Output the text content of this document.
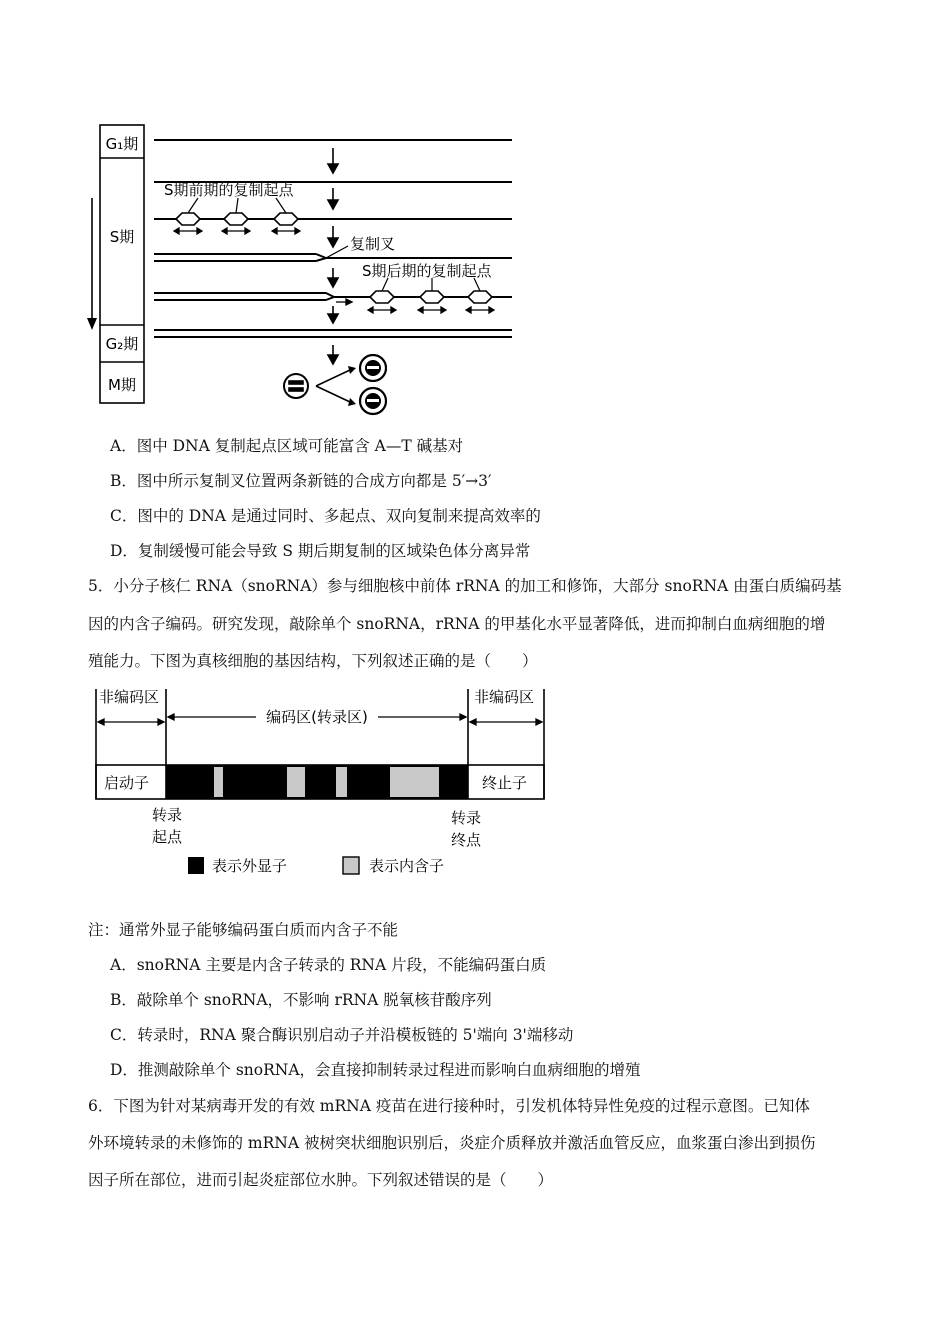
G₁期
S期
G₂期
M期
S期前期的复制起点
复制叉
S期后期的复制起点
A．图中 DNA 复制起点区域可能富含 A—T 碱基对
B．图中所示复制叉位置两条新链的合成方向都是 5′→3′
C．图中的 DNA 是通过同时、多起点、双向复制来提高效率的
D．复制缓慢可能会导致 S 期后期复制的区域染色体分离异常
5．小分子核仁 RNA（snoRNA）参与细胞核中前体 rRNA 的加工和修饰，大部分 snoRNA 由蛋白质编码基
因的内含子编码。研究发现，敲除单个 snoRNA，rRNA 的甲基化水平显著降低，进而抑制白血病细胞的增
殖能力。下图为真核细胞的基因结构，下列叙述正确的是（　　）
非编码区
编码区(转录区)
非编码区
启动子	终止子
转录
起点
转录
终点
表示外显子	表示内含子
注：通常外显子能够编码蛋白质而内含子不能
A．snoRNA 主要是内含子转录的 RNA 片段，不能编码蛋白质
B．敲除单个 snoRNA，不影响 rRNA 脱氧核苷酸序列
C．转录时，RNA 聚合酶识别启动子并沿模板链的 5'端向 3'端移动
D．推测敲除单个 snoRNA，会直接抑制转录过程进而影响白血病细胞的增殖
6．下图为针对某病毒开发的有效 mRNA 疫苗在进行接种时，引发机体特异性免疫的过程示意图。已知体
外环境转录的未修饰的 mRNA 被树突状细胞识别后，炎症介质释放并激活血管反应，血浆蛋白渗出到损伤
因子所在部位，进而引起炎症部位水肿。下列叙述错误的是（　　）
